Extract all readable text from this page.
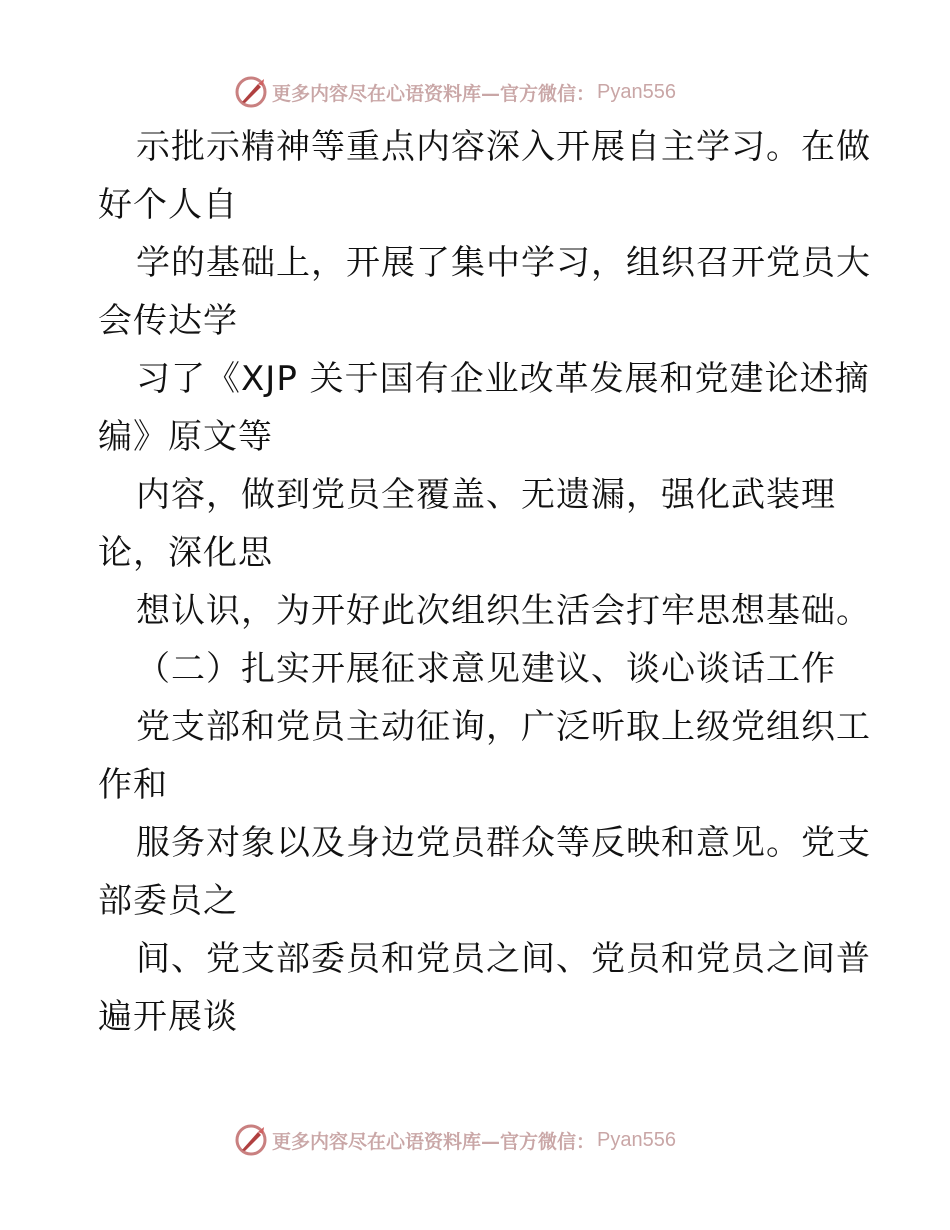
更多内容尽在心语资料库—官方微信： Pyan556
示批示精神等重点内容深入开展自主学习。在做
好个人自
学的基础上，开展了集中学习，组织召开党员大
会传达学
习了《XJP 关于国有企业改革发展和党建论述摘
编》原文等
内容，做到党员全覆盖、无遗漏，强化武装理
论，深化思
想认识，为开好此次组织生活会打牢思想基础。
（二）扎实开展征求意见建议、谈心谈话工作
党支部和党员主动征询，广泛听取上级党组织工
作和
服务对象以及身边党员群众等反映和意见。党支
部委员之
间、党支部委员和党员之间、党员和党员之间普
遍开展谈
更多内容尽在心语资料库—官方微信： Pyan556
